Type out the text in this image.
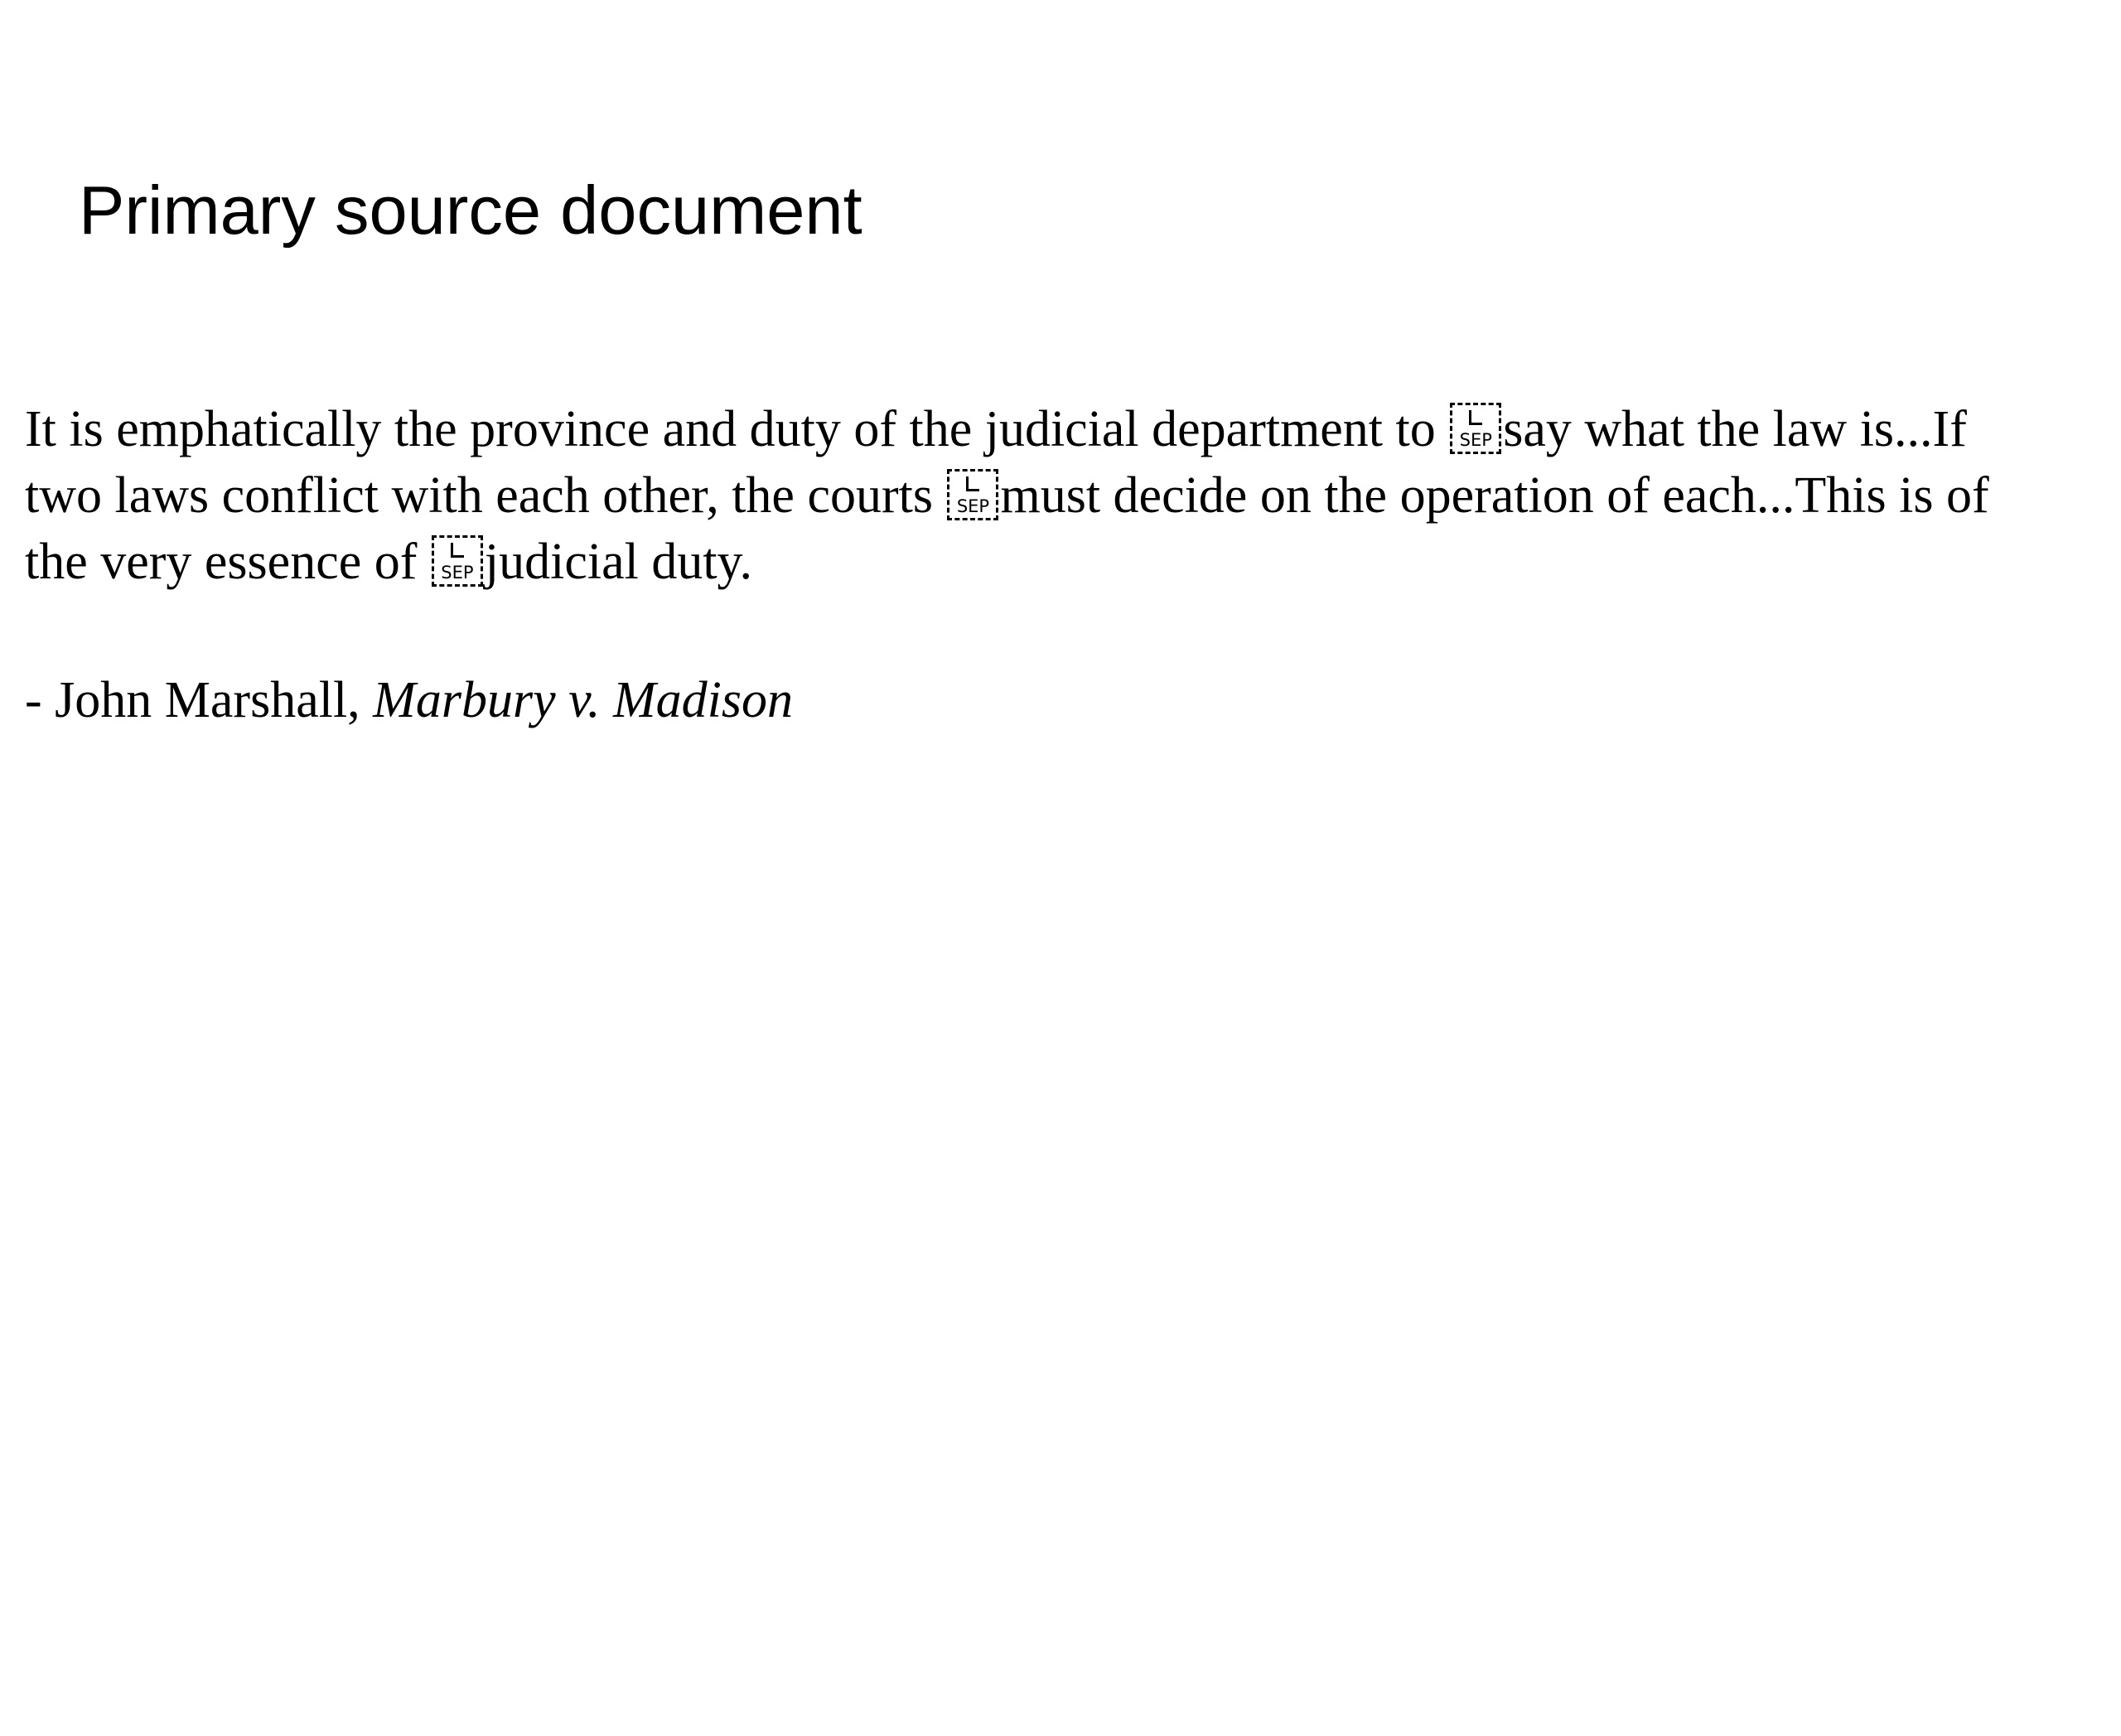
Primary source document

It is emphatically the province and duty of the judicial department to SEP say what the law is...If
two laws conflict with each other, the courts SEP must decide on the operation of each...This is of
the very essence of SEP judicial duty.

- John Marshall, Marbury v. Madison
